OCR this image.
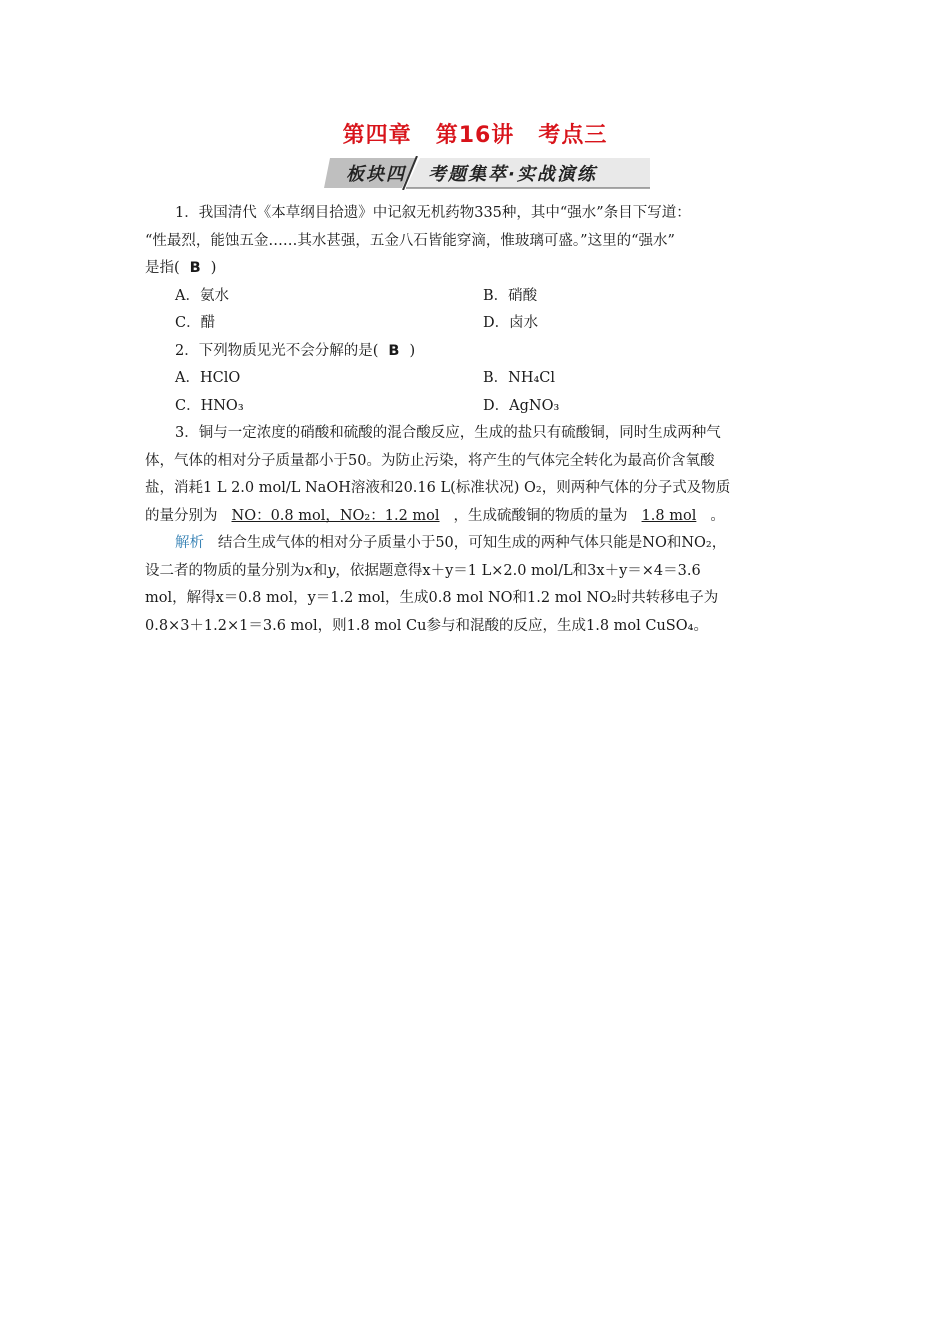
第四章 第16讲 考点三
板块四 考题集萃·实战演练
1．我国清代《本草纲目拾遗》中记叙无机药物335种，其中“强水”条目下写道：
“性最烈，能蚀五金……其水甚强，五金八石皆能穿滴，惟玻璃可盛。”这里的“强水”
是指( B )
A．氨水	B．硝酸
C．醋	D．卤水
2．下列物质见光不会分解的是( B )
A．HClO	B．NH₄Cl
C．HNO₃	D．AgNO₃
3．铜与一定浓度的硝酸和硫酸的混合酸反应，生成的盐只有硫酸铜，同时生成两种气
体，气体的相对分子质量都小于50。为防止污染，将产生的气体完全转化为最高价含氧酸
盐，消耗1 L 2.0 mol/L NaOH溶液和20.16 L(标准状况) O₂，则两种气体的分子式及物质
的量分别为 NO：0.8 mol，NO₂：1.2 mol ，生成硫酸铜的物质的量为 1.8 mol 。
解析 结合生成气体的相对分子质量小于50，可知生成的两种气体只能是NO和NO₂，
设二者的物质的量分别为x和y，依据题意得x＋y＝1 L×2.0 mol/L和3x＋y＝×4＝3.6
mol，解得x＝0.8 mol，y＝1.2 mol，生成0.8 mol NO和1.2 mol NO₂时共转移电子为
0.8×3＋1.2×1＝3.6 mol，则1.8 mol Cu参与和混酸的反应，生成1.8 mol CuSO₄。
